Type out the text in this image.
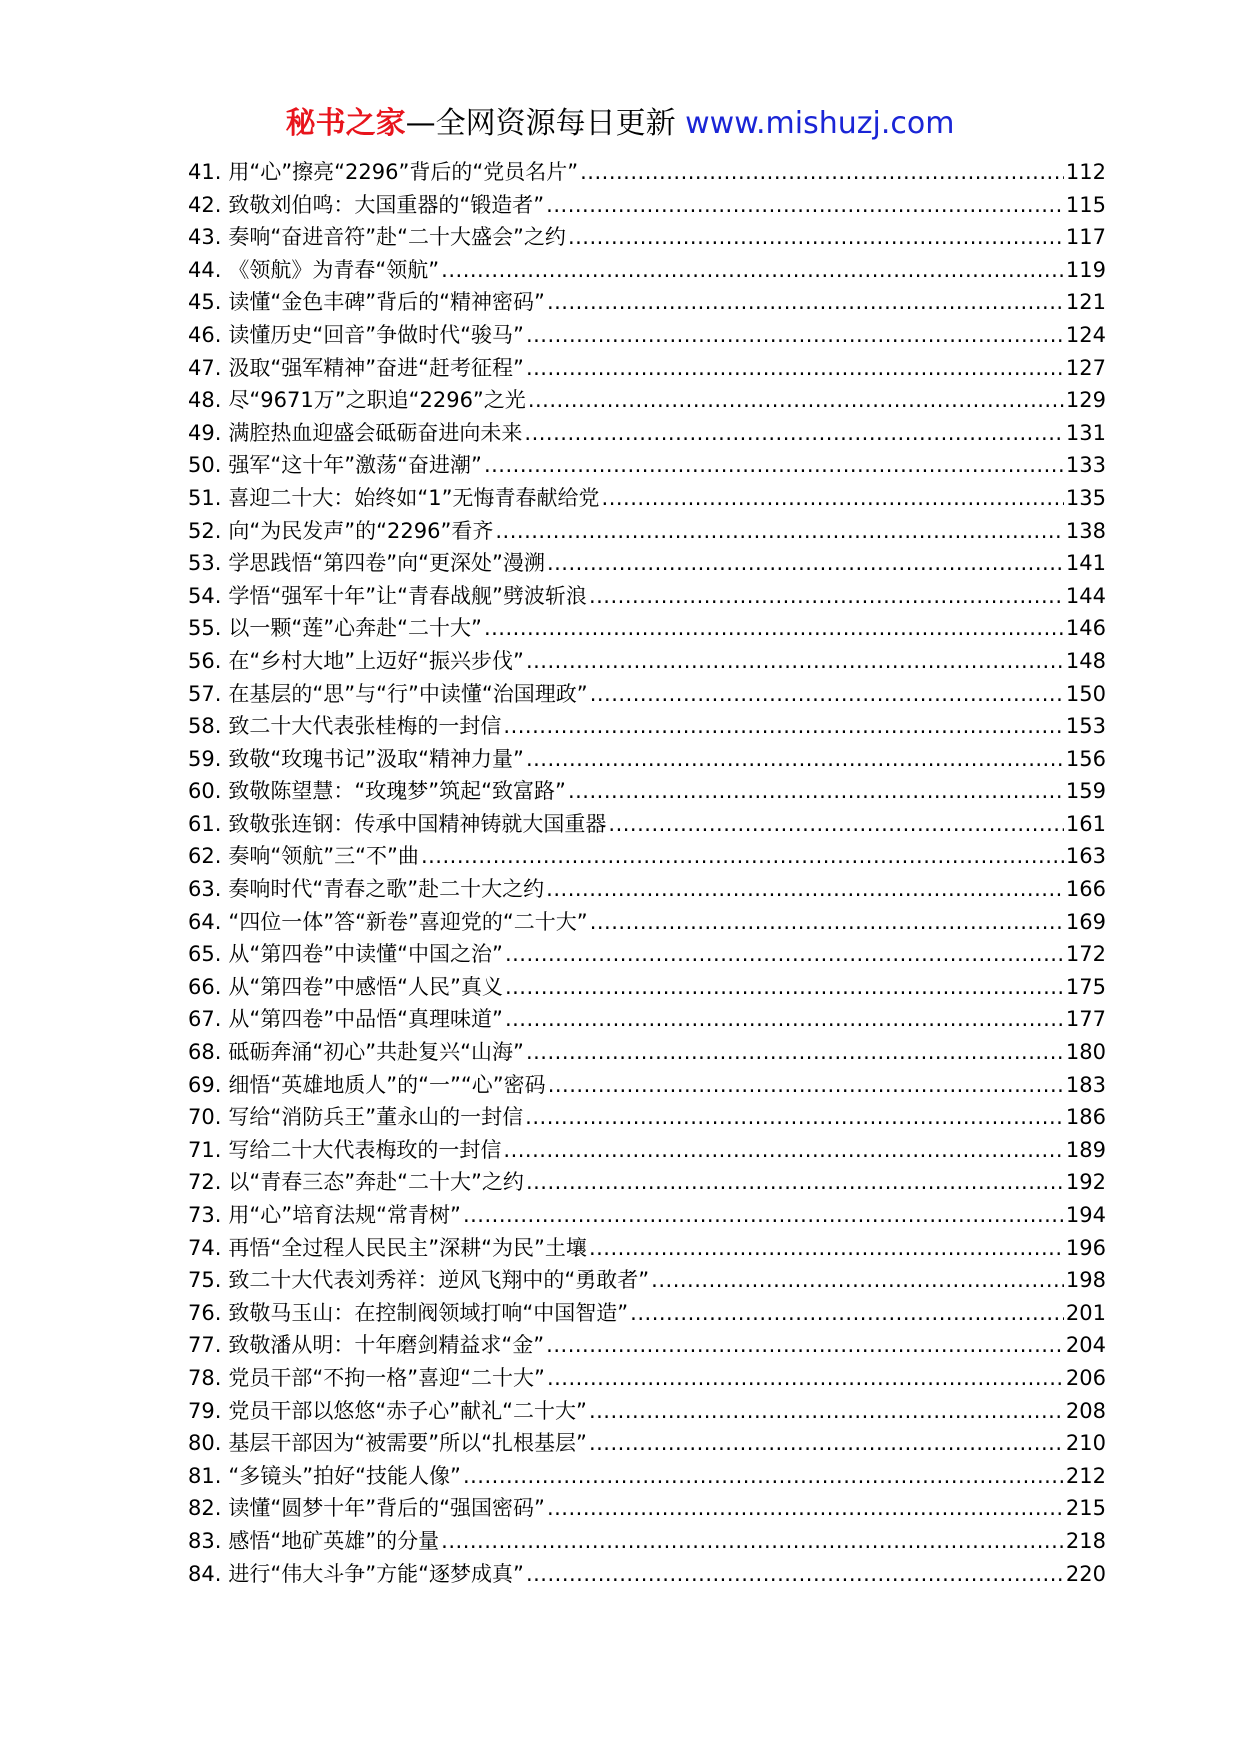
秘书之家—全网资源每日更新 www.mishuzj.com
41. 用“心”擦亮“2296”背后的“党员名片” .....	112
42. 致敬刘伯鸣：大国重器的“锻造者” .....	115
43. 奏响“奋进音符”赴“二十大盛会”之约 .....	117
44. 《领航》为青春“领航” .....	119
45. 读懂“金色丰碑”背后的“精神密码” .....	121
46. 读懂历史“回音”争做时代“骏马” .....	124
47. 汲取“强军精神”奋进“赶考征程” .....	127
48. 尽“9671万”之职追“2296”之光 .....	129
49. 满腔热血迎盛会砥砺奋进向未来 .....	131
50. 强军“这十年”激荡“奋进潮” .....	133
51. 喜迎二十大：始终如“1”无悔青春献给党 .....	135
52. 向“为民发声”的“2296”看齐 .....	138
53. 学思践悟“第四卷”向“更深处”漫溯 .....	141
54. 学悟“强军十年”让“青春战舰”劈波斩浪 .....	144
55. 以一颗“莲”心奔赴“二十大” .....	146
56. 在“乡村大地”上迈好“振兴步伐” .....	148
57. 在基层的“思”与“行”中读懂“治国理政” .....	150
58. 致二十大代表张桂梅的一封信 .....	153
59. 致敬“玫瑰书记”汲取“精神力量” .....	156
60. 致敬陈望慧：“玫瑰梦”筑起“致富路” .....	159
61. 致敬张连钢：传承中国精神铸就大国重器 .....	161
62. 奏响“领航”三“不”曲 .....	163
63. 奏响时代“青春之歌”赴二十大之约 .....	166
64. “四位一体”答“新卷”喜迎党的“二十大” .....	169
65. 从“第四卷”中读懂“中国之治” .....	172
66. 从“第四卷”中感悟“人民”真义 .....	175
67. 从“第四卷”中品悟“真理味道” .....	177
68. 砥砺奔涌“初心”共赴复兴“山海” .....	180
69. 细悟“英雄地质人”的“一”“心”密码 .....	183
70. 写给“消防兵王”董永山的一封信 .....	186
71. 写给二十大代表梅玫的一封信 .....	189
72. 以“青春三态”奔赴“二十大”之约 .....	192
73. 用“心”培育法规“常青树” .....	194
74. 再悟“全过程人民民主”深耕“为民”土壤 .....	196
75. 致二十大代表刘秀祥：逆风飞翔中的“勇敢者” .....	198
76. 致敬马玉山：在控制阀领域打响“中国智造” .....	201
77. 致敬潘从明：十年磨剑精益求“金” .....	204
78. 党员干部“不拘一格”喜迎“二十大” .....	206
79. 党员干部以悠悠“赤子心”献礼“二十大” .....	208
80. 基层干部因为“被需要”所以“扎根基层” .....	210
81. “多镜头”拍好“技能人像” .....	212
82. 读懂“圆梦十年”背后的“强国密码” .....	215
83. 感悟“地矿英雄”的分量 .....	218
84. 进行“伟大斗争”方能“逐梦成真” .....	220
